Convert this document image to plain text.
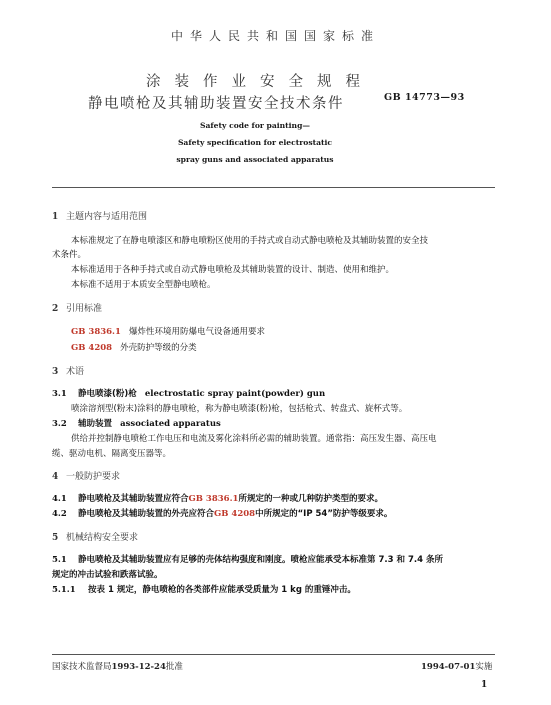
中华人民共和国国家标准
涂装作业安全规程
静电喷枪及其辅助装置安全技术条件	GB 14773—93
Safety code for painting—
Safety specification for electrostatic
spray guns and associated apparatus
1 主题内容与适用范围
本标准规定了在静电喷漆区和静电喷粉区使用的手持式或自动式静电喷枪及其辅助装置的安全技
术条件。
本标准适用于各种手持式或自动式静电喷枪及其辅助装置的设计、制造、使用和维护。
本标准不适用于本质安全型静电喷枪。
2 引用标准
GB 3836.1 爆炸性环境用防爆电气设备通用要求
GB 4208 外壳防护等级的分类
3 术语
3.1 静电喷漆(粉)枪 electrostatic spray paint(powder) gun
喷涂溶剂型(粉末)涂料的静电喷枪，称为静电喷漆(粉)枪，包括枪式、转盘式、旋杯式等。
3.2 辅助装置 associated apparatus
供给并控制静电喷枪工作电压和电流及雾化涂料所必需的辅助装置。通常指：高压发生器、高压电
缆、驱动电机、隔离变压器等。
4 一般防护要求
4.1 静电喷枪及其辅助装置应符合GB 3836.1所规定的一种或几种防护类型的要求。
4.2 静电喷枪及其辅助装置的外壳应符合GB 4208中所规定的“IP 54”防护等级要求。
5 机械结构安全要求
5.1 静电喷枪及其辅助装置应有足够的壳体结构强度和刚度。喷枪应能承受本标准第 7.3 和 7.4 条所
规定的冲击试验和跌落试验。
5.1.1 按表 1 规定，静电喷枪的各类部件应能承受质量为 1 kg 的重锤冲击。
国家技术监督局1993-12-24批准	1994-07-01实施
1
